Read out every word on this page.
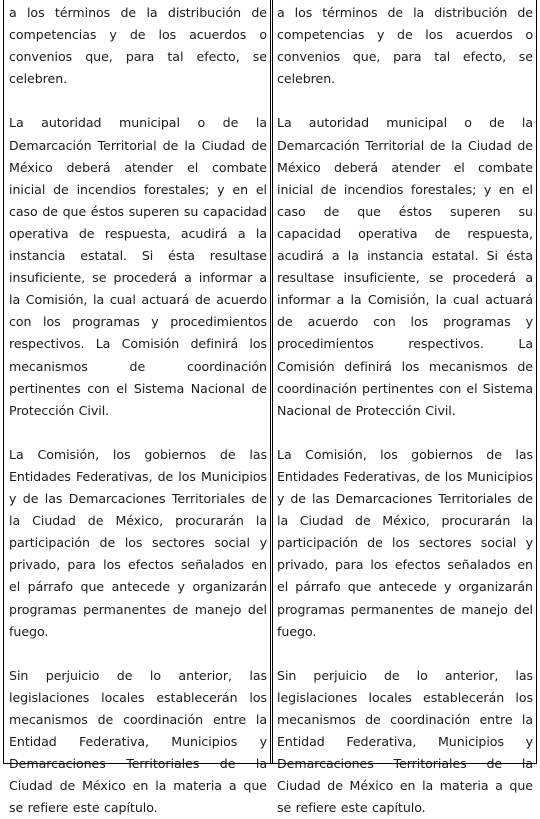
a los términos de la distribución de competencias y de los acuerdos o convenios que, para tal efecto, se celebren.

La autoridad municipal o de la Demarcación Territorial de la Ciudad de México deberá atender el combate inicial de incendios forestales; y en el caso de que éstos superen su capacidad operativa de respuesta, acudirá a la instancia estatal. Si ésta resultase insuficiente, se procederá a informar a la Comisión, la cual actuará de acuerdo con los programas y procedimientos respectivos. La Comisión definirá los mecanismos de coordinación pertinentes con el Sistema Nacional de Protección Civil.

La Comisión, los gobiernos de las Entidades Federativas, de los Municipios y de las Demarcaciones Territoriales de la Ciudad de México, procurarán la participación de los sectores social y privado, para los efectos señalados en el párrafo que antecede y organizarán programas permanentes de manejo del fuego.

Sin perjuicio de lo anterior, las legislaciones locales establecerán los mecanismos de coordinación entre la Entidad Federativa, Municipios y Demarcaciones Territoriales de la Ciudad de México en la materia a que se refiere este capítulo.

a los términos de la distribución de competencias y de los acuerdos o convenios que, para tal efecto, se celebren.

La autoridad municipal o de la Demarcación Territorial de la Ciudad de México deberá atender el combate inicial de incendios forestales; y en el caso de que éstos superen su capacidad operativa de respuesta, acudirá a la instancia estatal. Si ésta resultase insuficiente, se procederá a informar a la Comisión, la cual actuará de acuerdo con los programas y procedimientos respectivos. La Comisión definirá los mecanismos de coordinación pertinentes con el Sistema Nacional de Protección Civil.

La Comisión, los gobiernos de las Entidades Federativas, de los Municipios y de las Demarcaciones Territoriales de la Ciudad de México, procurarán la participación de los sectores social y privado, para los efectos señalados en el párrafo que antecede y organizarán programas permanentes de manejo del fuego.

Sin perjuicio de lo anterior, las legislaciones locales establecerán los mecanismos de coordinación entre la Entidad Federativa, Municipios y Demarcaciones Territoriales de la Ciudad de México en la materia a que se refiere este capítulo.
